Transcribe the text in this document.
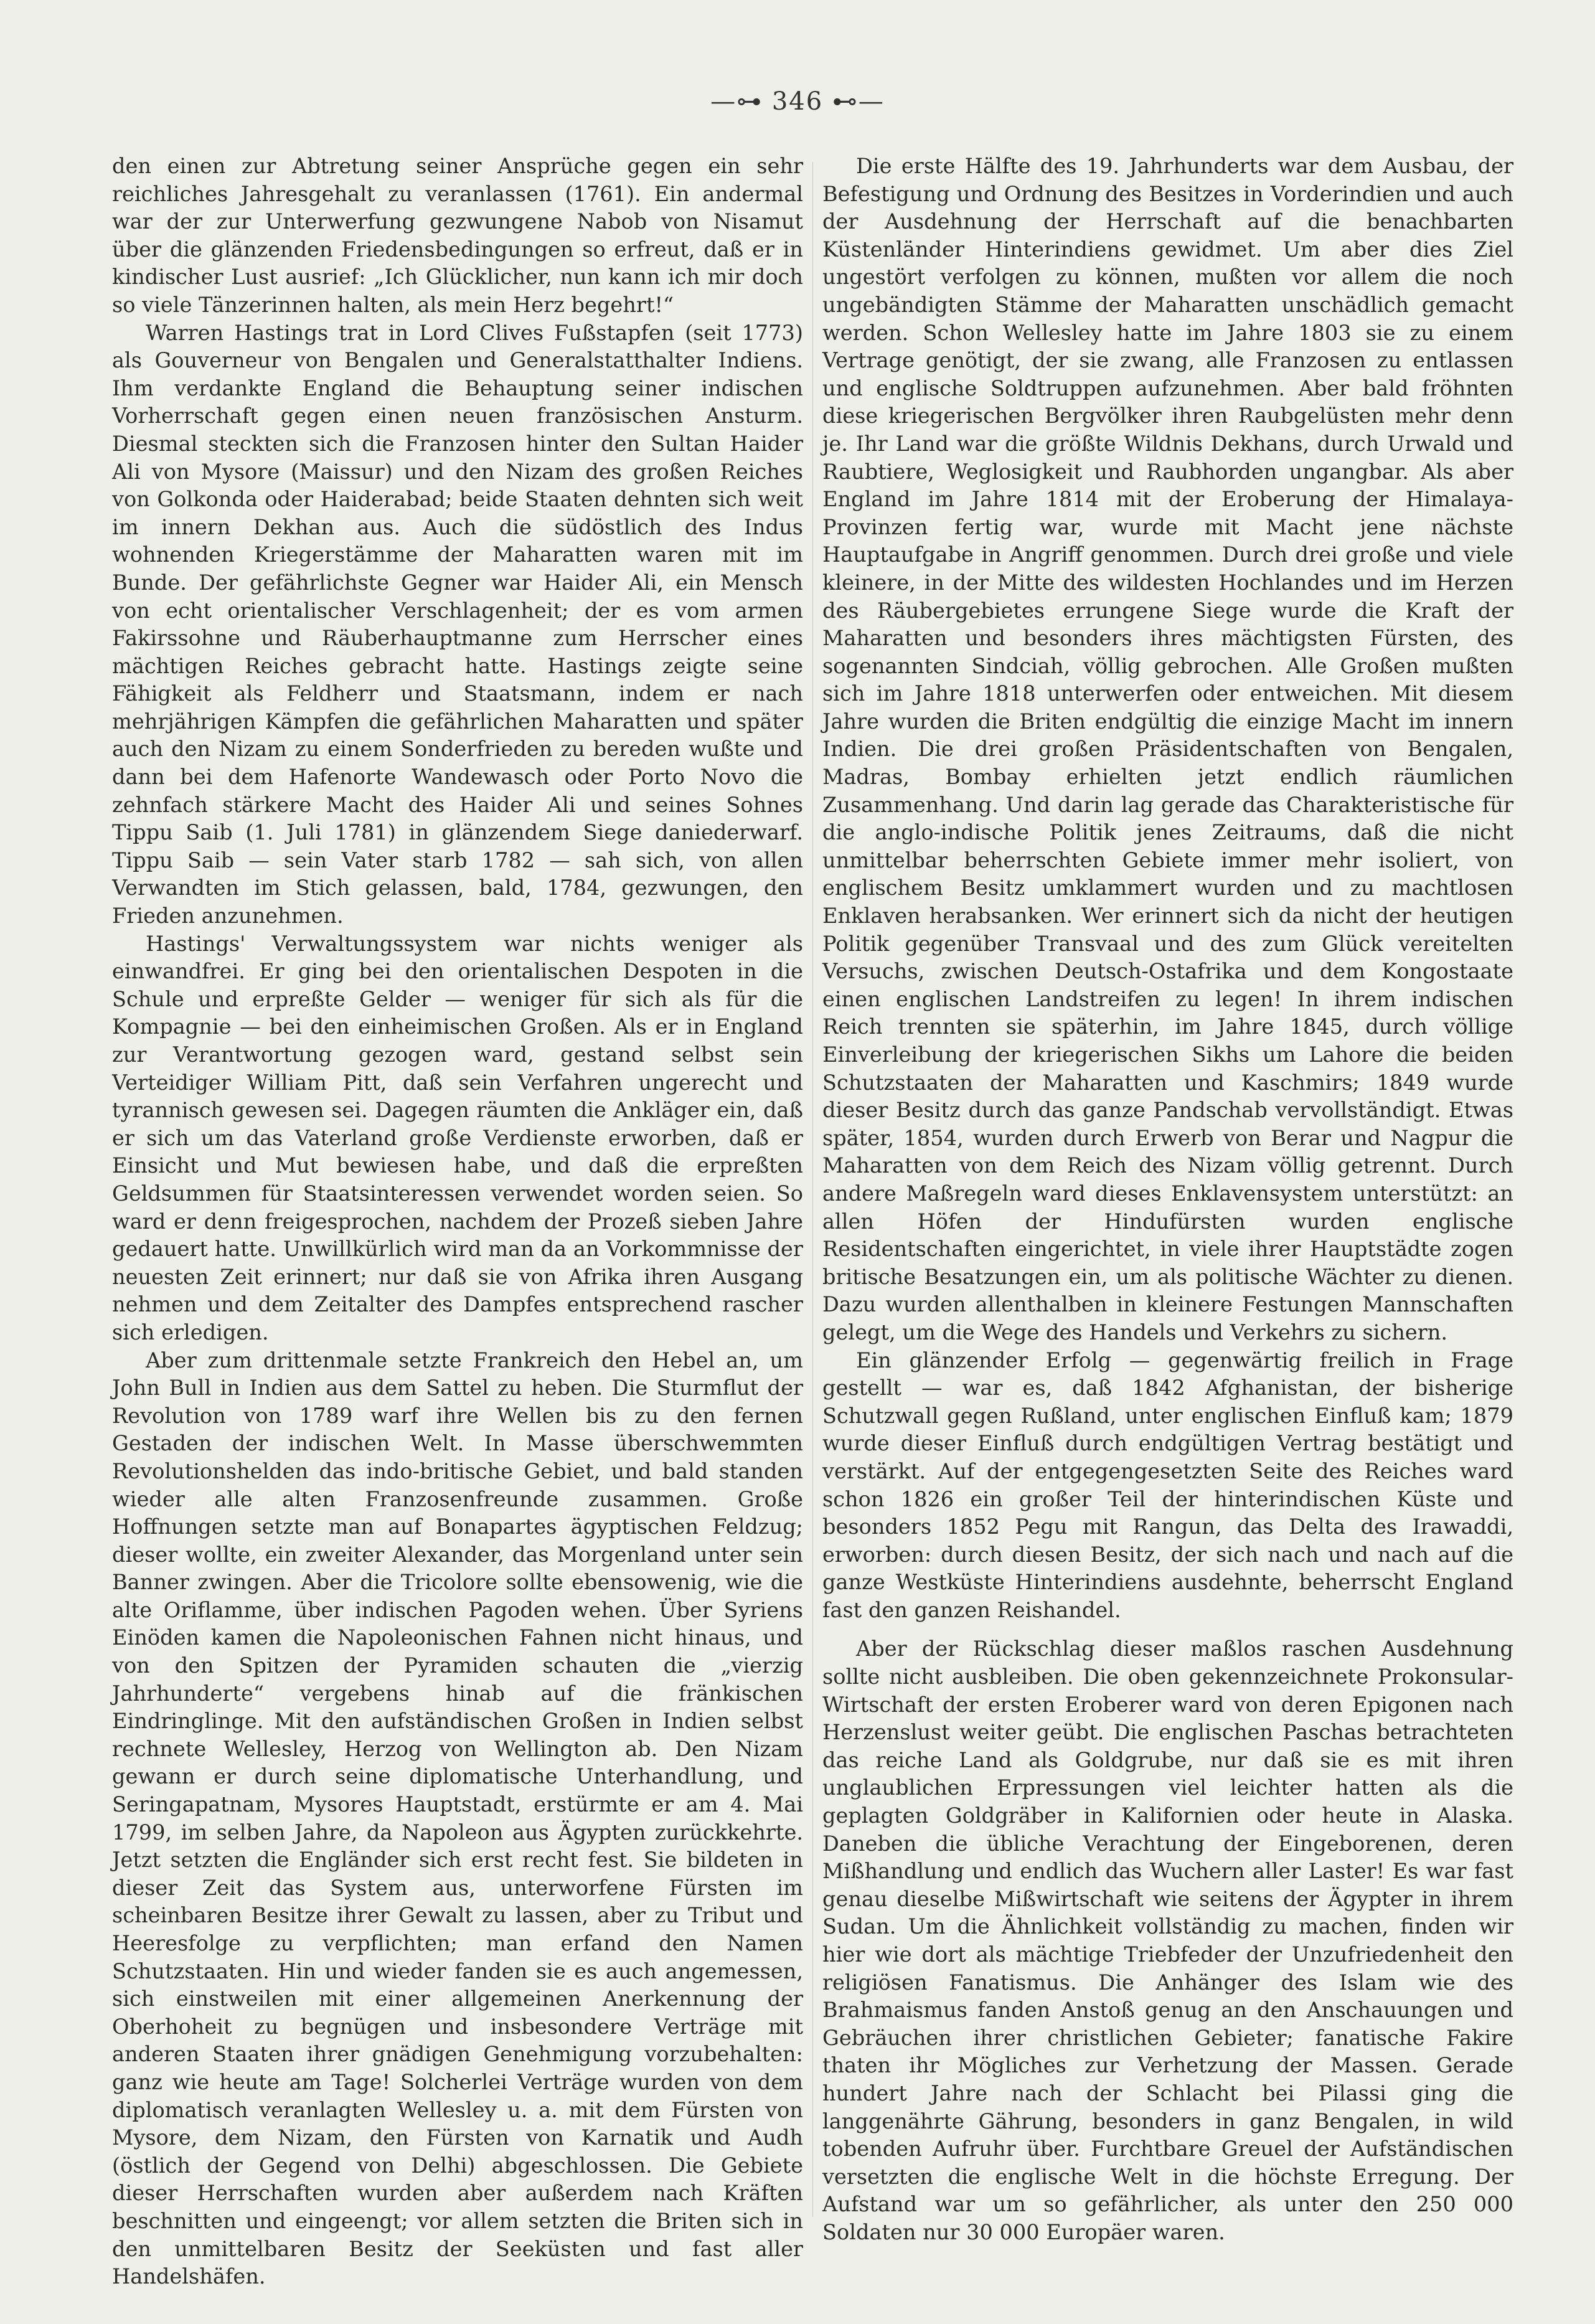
—⊶ 346 ⊷—

den einen zur Abtretung seiner Ansprüche gegen ein sehr reichliches Jahresgehalt zu veranlassen (1761). Ein andermal war der zur Unterwerfung gezwungene Nabob von Nisamut über die glänzenden Friedensbedingungen so erfreut, daß er in kindischer Lust ausrief: „Ich Glücklicher, nun kann ich mir doch so viele Tänzerinnen halten, als mein Herz begehrt!“

Warren Hastings trat in Lord Clives Fußstapfen (seit 1773) als Gouverneur von Bengalen und Generalstatthalter Indiens. Ihm verdankte England die Behauptung seiner indischen Vorherrschaft gegen einen neuen französischen Ansturm. Diesmal steckten sich die Franzosen hinter den Sultan Haider Ali von Mysore (Maissur) und den Nizam des großen Reiches von Golkonda oder Haiderabad; beide Staaten dehnten sich weit im innern Dekhan aus. Auch die südöstlich des Indus wohnenden Kriegerstämme der Maharatten waren mit im Bunde. Der gefährlichste Gegner war Haider Ali, ein Mensch von echt orientalischer Verschlagenheit; der es vom armen Fakirssohne und Räuberhauptmanne zum Herrscher eines mächtigen Reiches gebracht hatte. Hastings zeigte seine Fähigkeit als Feldherr und Staatsmann, indem er nach mehrjährigen Kämpfen die gefährlichen Maharatten und später auch den Nizam zu einem Sonderfrieden zu bereden wußte und dann bei dem Hafenorte Wandewasch oder Porto Novo die zehnfach stärkere Macht des Haider Ali und seines Sohnes Tippu Saib (1. Juli 1781) in glänzendem Siege daniederwarf. Tippu Saib — sein Vater starb 1782 — sah sich, von allen Verwandten im Stich gelassen, bald, 1784, gezwungen, den Frieden anzunehmen.

Hastings' Verwaltungssystem war nichts weniger als einwandfrei. Er ging bei den orientalischen Despoten in die Schule und erpreßte Gelder — weniger für sich als für die Kompagnie — bei den einheimischen Großen. Als er in England zur Verantwortung gezogen ward, gestand selbst sein Verteidiger William Pitt, daß sein Verfahren ungerecht und tyrannisch gewesen sei. Dagegen räumten die Ankläger ein, daß er sich um das Vaterland große Verdienste erworben, daß er Einsicht und Mut bewiesen habe, und daß die erpreßten Geldsummen für Staatsinteressen verwendet worden seien. So ward er denn freigesprochen, nachdem der Prozeß sieben Jahre gedauert hatte. Unwillkürlich wird man da an Vorkommnisse der neuesten Zeit erinnert; nur daß sie von Afrika ihren Ausgang nehmen und dem Zeitalter des Dampfes entsprechend rascher sich erledigen.

Aber zum drittenmale setzte Frankreich den Hebel an, um John Bull in Indien aus dem Sattel zu heben. Die Sturmflut der Revolution von 1789 warf ihre Wellen bis zu den fernen Gestaden der indischen Welt. In Masse überschwemmten Revolutionshelden das indo-britische Gebiet, und bald standen wieder alle alten Franzosenfreunde zusammen. Große Hoffnungen setzte man auf Bonapartes ägyptischen Feldzug; dieser wollte, ein zweiter Alexander, das Morgenland unter sein Banner zwingen. Aber die Tricolore sollte ebensowenig, wie die alte Oriflamme, über indischen Pagoden wehen. Über Syriens Einöden kamen die Napoleonischen Fahnen nicht hinaus, und von den Spitzen der Pyramiden schauten die „vierzig Jahrhunderte“ vergebens hinab auf die fränkischen Eindringlinge. Mit den aufständischen Großen in Indien selbst rechnete Wellesley, Herzog von Wellington ab. Den Nizam gewann er durch seine diplomatische Unterhandlung, und Seringapatnam, Mysores Hauptstadt, erstürmte er am 4. Mai 1799, im selben Jahre, da Napoleon aus Ägypten zurückkehrte. Jetzt setzten die Engländer sich erst recht fest. Sie bildeten in dieser Zeit das System aus, unterworfene Fürsten im scheinbaren Besitze ihrer Gewalt zu lassen, aber zu Tribut und Heeresfolge zu verpflichten; man erfand den Namen Schutzstaaten. Hin und wieder fanden sie es auch angemessen, sich einstweilen mit einer allgemeinen Anerkennung der Oberhoheit zu begnügen und insbesondere Verträge mit anderen Staaten ihrer gnädigen Genehmigung vorzubehalten: ganz wie heute am Tage! Solcherlei Verträge wurden von dem diplomatisch veranlagten Wellesley u. a. mit dem Fürsten von Mysore, dem Nizam, den Fürsten von Karnatik und Audh (östlich der Gegend von Delhi) abgeschlossen. Die Gebiete dieser Herrschaften wurden aber außerdem nach Kräften beschnitten und eingeengt; vor allem setzten die Briten sich in den unmittelbaren Besitz der Seeküsten und fast aller Handelshäfen.

Die erste Hälfte des 19. Jahrhunderts war dem Ausbau, der Befestigung und Ordnung des Besitzes in Vorderindien und auch der Ausdehnung der Herrschaft auf die benachbarten Küstenländer Hinterindiens gewidmet. Um aber dies Ziel ungestört verfolgen zu können, mußten vor allem die noch ungebändigten Stämme der Maharatten unschädlich gemacht werden. Schon Wellesley hatte im Jahre 1803 sie zu einem Vertrage genötigt, der sie zwang, alle Franzosen zu entlassen und englische Soldtruppen aufzunehmen. Aber bald fröhnten diese kriegerischen Bergvölker ihren Raubgelüsten mehr denn je. Ihr Land war die größte Wildnis Dekhans, durch Urwald und Raubtiere, Weglosigkeit und Raubhorden ungangbar. Als aber England im Jahre 1814 mit der Eroberung der Himalaya-Provinzen fertig war, wurde mit Macht jene nächste Hauptaufgabe in Angriff genommen. Durch drei große und viele kleinere, in der Mitte des wildesten Hochlandes und im Herzen des Räubergebietes errungene Siege wurde die Kraft der Maharatten und besonders ihres mächtigsten Fürsten, des sogenannten Sindciah, völlig gebrochen. Alle Großen mußten sich im Jahre 1818 unterwerfen oder entweichen. Mit diesem Jahre wurden die Briten endgültig die einzige Macht im innern Indien. Die drei großen Präsidentschaften von Bengalen, Madras, Bombay erhielten jetzt endlich räumlichen Zusammenhang. Und darin lag gerade das Charakteristische für die anglo-indische Politik jenes Zeitraums, daß die nicht unmittelbar beherrschten Gebiete immer mehr isoliert, von englischem Besitz umklammert wurden und zu machtlosen Enklaven herabsanken. Wer erinnert sich da nicht der heutigen Politik gegenüber Transvaal und des zum Glück vereitelten Versuchs, zwischen Deutsch-Ostafrika und dem Kongostaate einen englischen Landstreifen zu legen! In ihrem indischen Reich trennten sie späterhin, im Jahre 1845, durch völlige Einverleibung der kriegerischen Sikhs um Lahore die beiden Schutzstaaten der Maharatten und Kaschmirs; 1849 wurde dieser Besitz durch das ganze Pandschab vervollständigt. Etwas später, 1854, wurden durch Erwerb von Berar und Nagpur die Maharatten von dem Reich des Nizam völlig getrennt. Durch andere Maßregeln ward dieses Enklavensystem unterstützt: an allen Höfen der Hindufürsten wurden englische Residentschaften eingerichtet, in viele ihrer Hauptstädte zogen britische Besatzungen ein, um als politische Wächter zu dienen. Dazu wurden allenthalben in kleinere Festungen Mannschaften gelegt, um die Wege des Handels und Verkehrs zu sichern.

Ein glänzender Erfolg — gegenwärtig freilich in Frage gestellt — war es, daß 1842 Afghanistan, der bisherige Schutzwall gegen Rußland, unter englischen Einfluß kam; 1879 wurde dieser Einfluß durch endgültigen Vertrag bestätigt und verstärkt. Auf der entgegengesetzten Seite des Reiches ward schon 1826 ein großer Teil der hinterindischen Küste und besonders 1852 Pegu mit Rangun, das Delta des Irawaddi, erworben: durch diesen Besitz, der sich nach und nach auf die ganze Westküste Hinterindiens ausdehnte, beherrscht England fast den ganzen Reishandel.

Aber der Rückschlag dieser maßlos raschen Ausdehnung sollte nicht ausbleiben. Die oben gekennzeichnete Prokonsular-Wirtschaft der ersten Eroberer ward von deren Epigonen nach Herzenslust weiter geübt. Die englischen Paschas betrachteten das reiche Land als Goldgrube, nur daß sie es mit ihren unglaublichen Erpressungen viel leichter hatten als die geplagten Goldgräber in Kalifornien oder heute in Alaska. Daneben die übliche Verachtung der Eingeborenen, deren Mißhandlung und endlich das Wuchern aller Laster! Es war fast genau dieselbe Mißwirtschaft wie seitens der Ägypter in ihrem Sudan. Um die Ähnlichkeit vollständig zu machen, finden wir hier wie dort als mächtige Triebfeder der Unzufriedenheit den religiösen Fanatismus. Die Anhänger des Islam wie des Brahmaismus fanden Anstoß genug an den Anschauungen und Gebräuchen ihrer christlichen Gebieter; fanatische Fakire thaten ihr Mögliches zur Verhetzung der Massen. Gerade hundert Jahre nach der Schlacht bei Pilassi ging die langgenährte Gährung, besonders in ganz Bengalen, in wild tobenden Aufruhr über. Furchtbare Greuel der Aufständischen versetzten die englische Welt in die höchste Erregung. Der Aufstand war um so gefährlicher, als unter den 250 000 Soldaten nur 30 000 Europäer waren.
